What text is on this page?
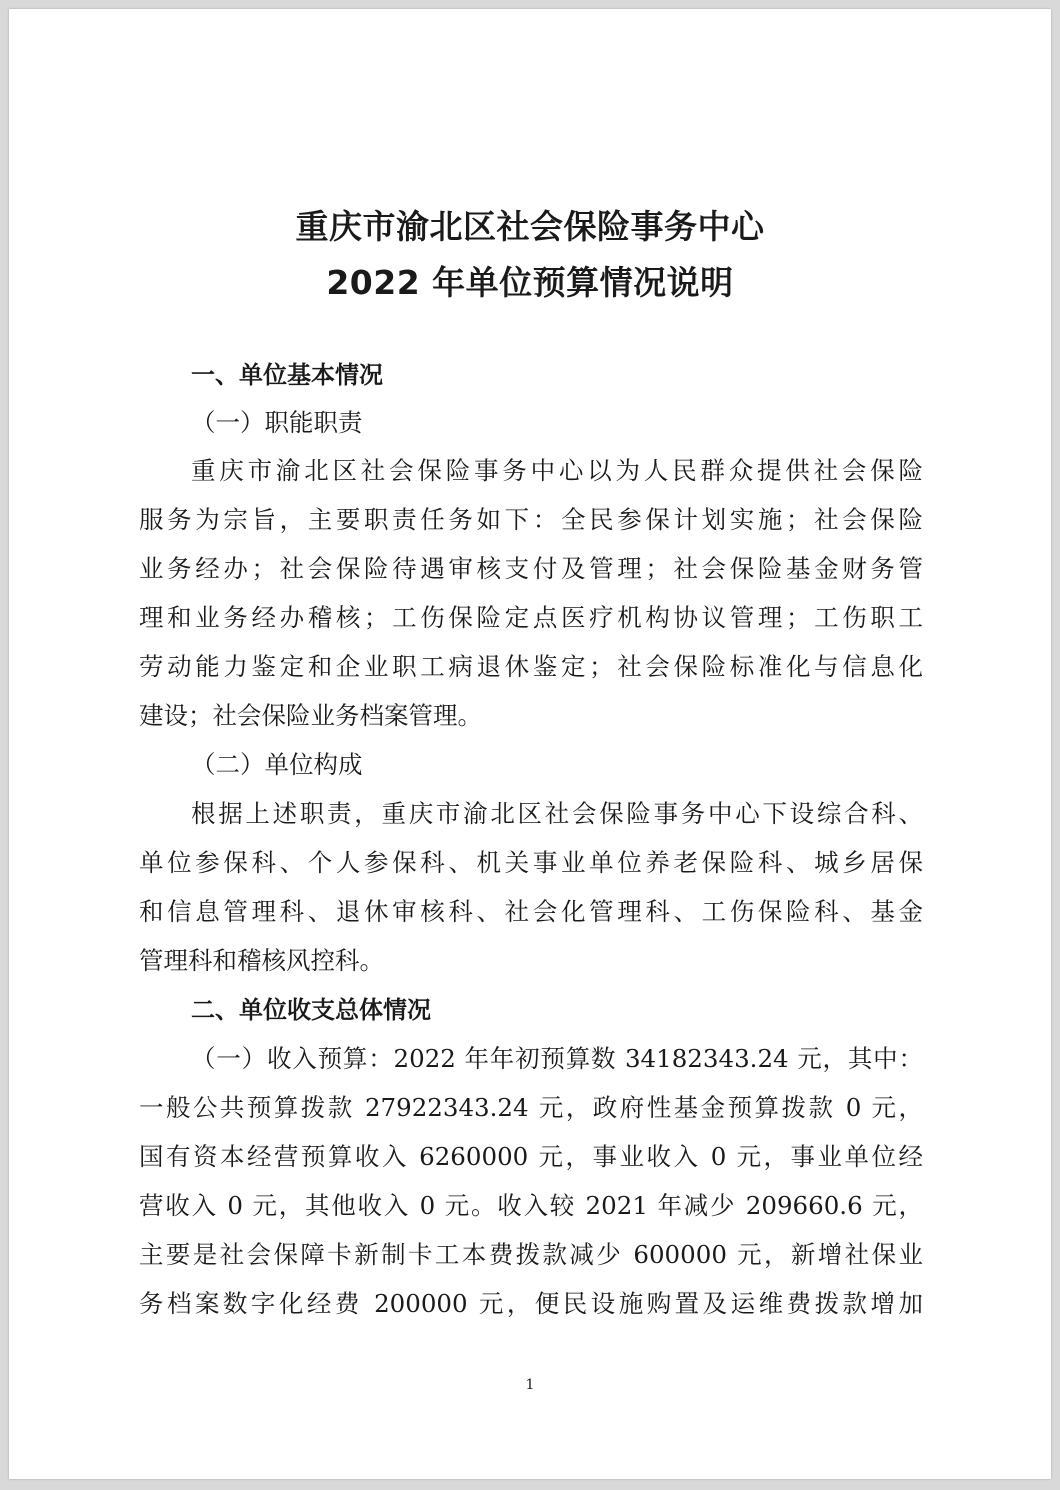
重庆市渝北区社会保险事务中心
2022 年单位预算情况说明
一、单位基本情况
（一）职能职责
重庆市渝北区社会保险事务中心以为人民群众提供社会保险
服务为宗旨，主要职责任务如下：全民参保计划实施；社会保险
业务经办；社会保险待遇审核支付及管理；社会保险基金财务管
理和业务经办稽核；工伤保险定点医疗机构协议管理；工伤职工
劳动能力鉴定和企业职工病退休鉴定；社会保险标准化与信息化
建设；社会保险业务档案管理。
（二）单位构成
根据上述职责，重庆市渝北区社会保险事务中心下设综合科、
单位参保科、个人参保科、机关事业单位养老保险科、城乡居保
和信息管理科、退休审核科、社会化管理科、工伤保险科、基金
管理科和稽核风控科。
二、单位收支总体情况
（一）收入预算：2022 年年初预算数 34182343.24 元，其中：
一般公共预算拨款 27922343.24 元，政府性基金预算拨款 0 元，
国有资本经营预算收入 6260000 元，事业收入 0 元，事业单位经
营收入 0 元，其他收入 0 元。收入较 2021 年减少 209660.6 元，
主要是社会保障卡新制卡工本费拨款减少 600000 元，新增社保业
务档案数字化经费 200000 元，便民设施购置及运维费拨款增加
1
